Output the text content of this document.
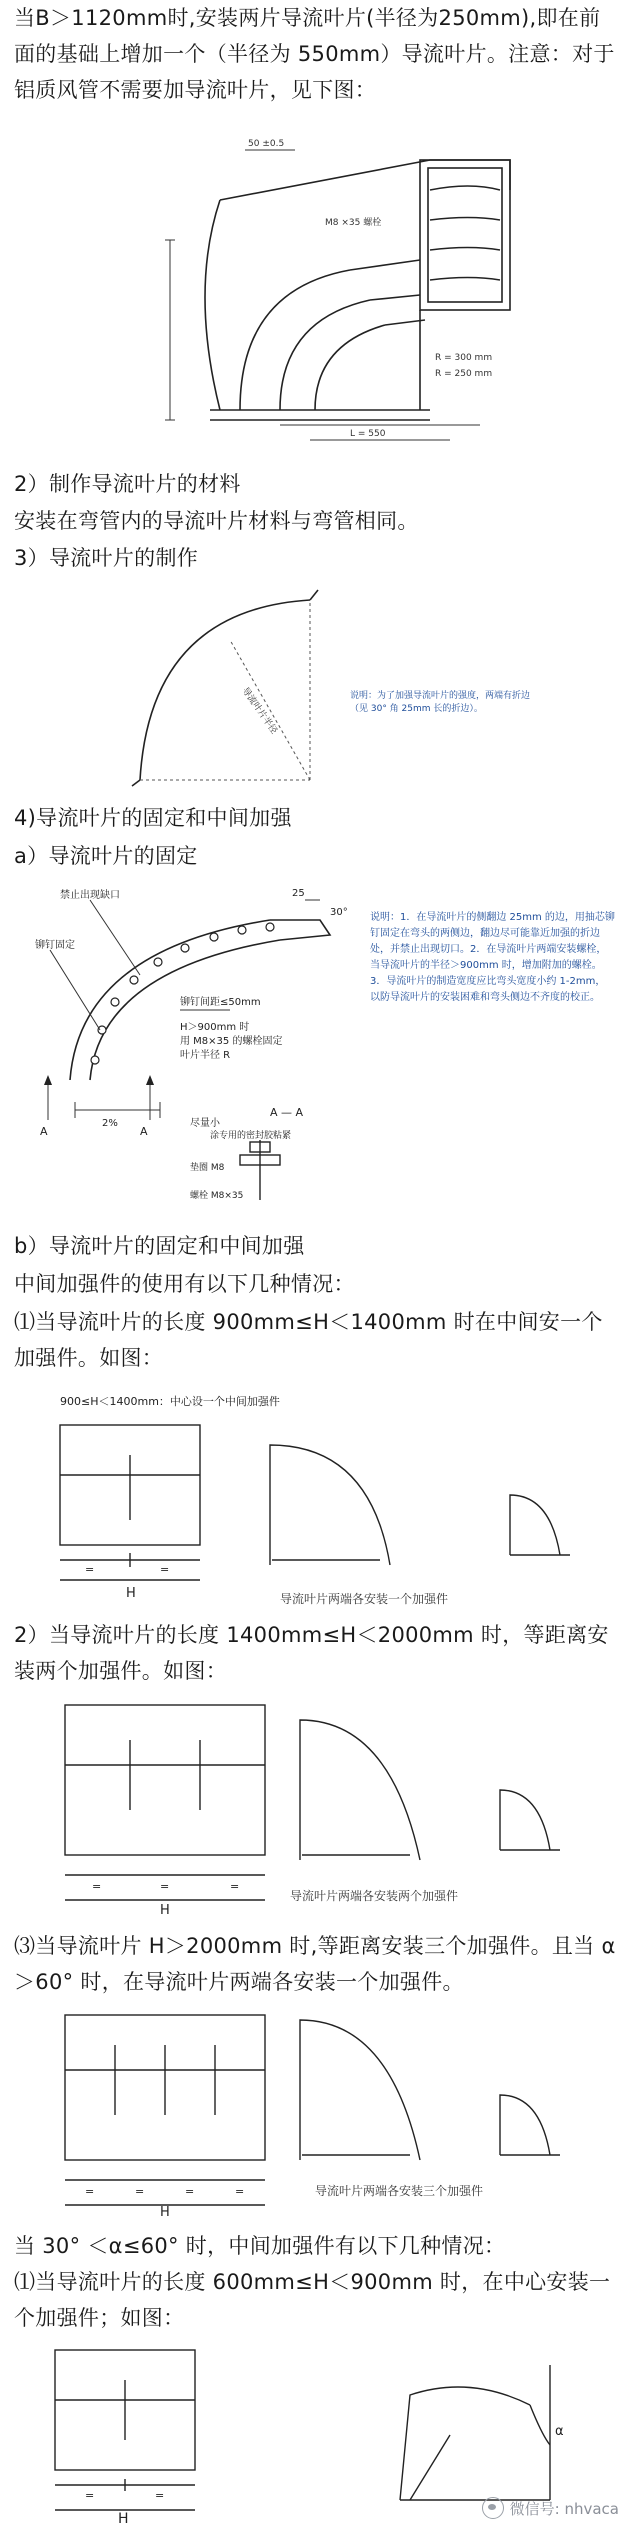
当B＞1120mm时,安装两片导流叶片(半径为250mm),即在前面的基础上增加一个（半径为 550mm）导流叶片。注意：对于铝质风管不需要加导流叶片，见下图：

50 ±0.5
M8 ×35 螺栓
R = 300 mm
R = 250 mm
L = 550

2）制作导流叶片的材料

安装在弯管内的导流叶片材料与弯管相同。

3）导流叶片的制作

导流叶片半径	说明：为了加强导流叶片的强度，两端有折边（见 30° 角 25mm 长的折边）。

4)导流叶片的固定和中间加强

a）导流叶片的固定

禁止出现缺口
铆钉固定
铆钉间距≤50mm
H＞900mm 时
用 M8×35 的螺栓固定
叶片半径 R
25
30°
2%
A	A
尽量小
A — A
涂专用的密封胶粘紧
垫圈 M8
螺栓 M8×35
说明：1．在导流叶片的侧翻边 25mm 的边，用抽芯铆钉固定在弯头的两侧边，翻边尽可能靠近加强的折边处，并禁止出现切口。2．在导流叶片两端安装螺栓，当导流叶片的半径＞900mm 时，增加附加的螺栓。3．导流叶片的制造宽度应比弯头宽度小约 1-2mm，以防导流叶片的安装困难和弯头侧边不齐度的校正。

b）导流叶片的固定和中间加强

中间加强件的使用有以下几种情况：

⑴当导流叶片的长度 900mm≤H＜1400mm 时在中间安一个加强件。如图：

900≤H＜1400mm：中心设一个中间加强件
=	=
H	导流叶片两端各安装一个加强件

2）当导流叶片的长度 1400mm≤H＜2000mm 时，等距离安装两个加强件。如图：

=	=	=
H
导流叶片两端各安装两个加强件

⑶当导流叶片 H＞2000mm 时,等距离安装三个加强件。且当 α＞60° 时，在导流叶片两端各安装一个加强件。

=	=	=	=
H
导流叶片两端各安装三个加强件

当 30° ＜α≤60° 时，中间加强件有以下几种情况：

⑴当导流叶片的长度 600mm≤H＜900mm 时，在中心安装一个加强件；如图：

=	=
H
α
微信号: nhvaca
